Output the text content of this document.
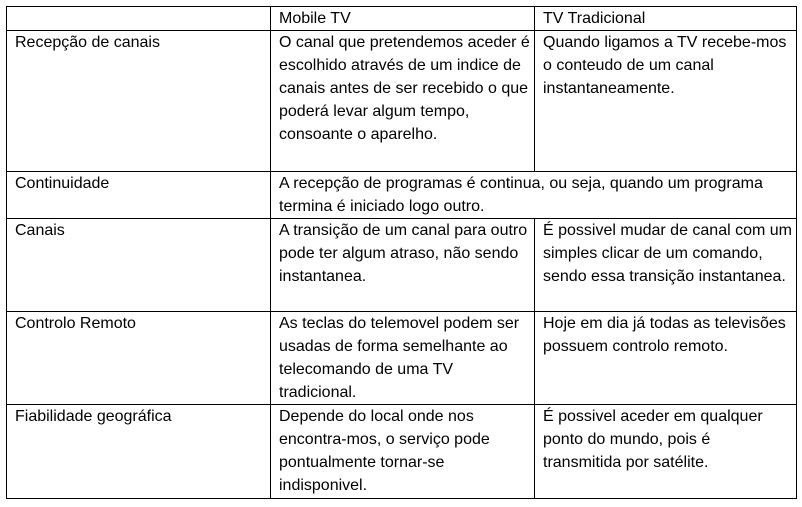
	Mobile TV	TV Tradicional
Recepção de canais	O canal que pretendemos aceder é escolhido através de um indice de canais antes de ser recebido o que poderá levar algum tempo, consoante o aparelho.	Quando ligamos a TV recebe-mos o conteudo de um canal instantaneamente.
Continuidade	A recepção de programas é continua, ou seja, quando um programa termina é iniciado logo outro.	
Canais	A transição de um canal para outro pode ter algum atraso, não sendo instantanea.	É possivel mudar de canal com um simples clicar de um comando, sendo essa transição instantanea.
Controlo Remoto	As teclas do telemovel podem ser usadas de forma semelhante ao telecomando de uma TV tradicional.	Hoje em dia já todas as televisões possuem controlo remoto.
Fiabilidade geográfica	Depende do local onde nos encontra-mos, o serviço pode pontualmente tornar-se indisponivel.	É possivel aceder em qualquer ponto do mundo, pois é transmitida por satélite.
